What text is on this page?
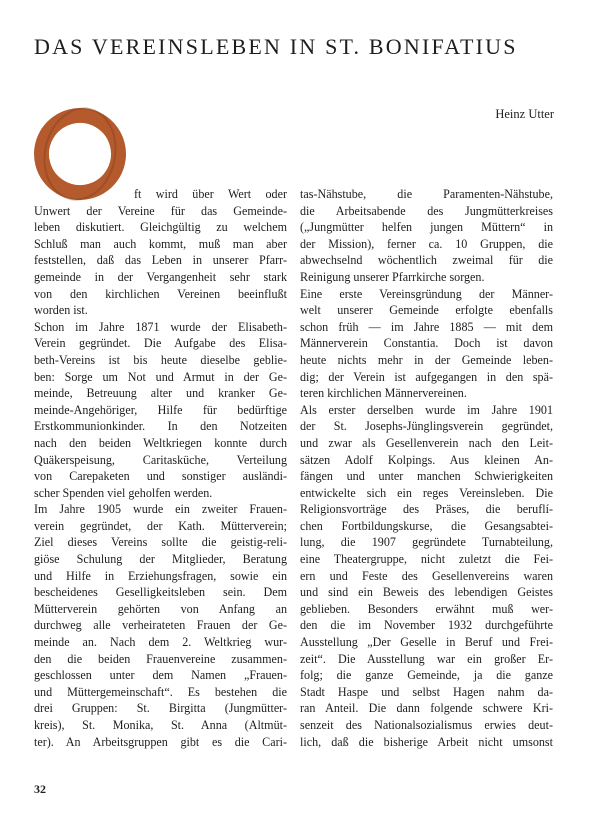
DAS VEREINSLEBEN IN ST. BONIFATIUS
Heinz Utter
ft wird über Wert oder
Unwert der Vereine für das Gemeinde-
leben diskutiert. Gleichgültig zu welchem
Schluß man auch kommt, muß man aber
feststellen, daß das Leben in unserer Pfarr-
gemeinde in der Vergangenheit sehr stark
von den kirchlichen Vereinen beeinflußt
worden ist.
Schon im Jahre 1871 wurde der Elisabeth-
Verein gegründet. Die Aufgabe des Elisa-
beth-Vereins ist bis heute dieselbe geblie-
ben: Sorge um Not und Armut in der Ge-
meinde, Betreuung alter und kranker Ge-
meinde-Angehöriger, Hilfe für bedürftige
Erstkommunionkinder. In den Notzeiten
nach den beiden Weltkriegen konnte durch
Quäkerspeisung, Caritasküche, Verteilung
von Carepaketen und sonstiger ausländi-
scher Spenden viel geholfen werden.
Im Jahre 1905 wurde ein zweiter Frauen-
verein gegründet, der Kath. Mütterverein;
Ziel dieses Vereins sollte die geistig-reli-
giöse Schulung der Mitglieder, Beratung
und Hilfe in Erziehungsfragen, sowie ein
bescheidenes Geselligkeitsleben sein. Dem
Mütterverein gehörten von Anfang an
durchweg alle verheirateten Frauen der Ge-
meinde an. Nach dem 2. Weltkrieg wur-
den die beiden Frauenvereine zusammen-
geschlossen unter dem Namen „Frauen-
und Müttergemeinschaft“. Es bestehen die
drei Gruppen: St. Birgitta (Jungmütter-
kreis), St. Monika, St. Anna (Altmüt-
ter). An Arbeitsgruppen gibt es die Cari-
tas-Nähstube, die Paramenten-Nähstube,
die Arbeitsabende des Jungmütterkreises
(„Jungmütter helfen jungen Müttern“ in
der Mission), ferner ca. 10 Gruppen, die
abwechselnd wöchentlich zweimal für die
Reinigung unserer Pfarrkirche sorgen.
Eine erste Vereinsgründung der Männer-
welt unserer Gemeinde erfolgte ebenfalls
schon früh — im Jahre 1885 — mit dem
Männerverein Constantia. Doch ist davon
heute nichts mehr in der Gemeinde leben-
dig; der Verein ist aufgegangen in den spä-
teren kirchlichen Männervereinen.
Als erster derselben wurde im Jahre 1901
der St. Josephs-Jünglingsverein gegründet,
und zwar als Gesellenverein nach den Leit-
sätzen Adolf Kolpings. Aus kleinen An-
fängen und unter manchen Schwierigkeiten
entwickelte sich ein reges Vereinsleben. Die
Religionsvorträge des Präses, die beruflí-
chen Fortbildungskurse, die Gesangsabtei-
lung, die 1907 gegründete Turnabteilung,
eine Theatergruppe, nicht zuletzt die Fei-
ern und Feste des Gesellenvereins waren
und sind ein Beweis des lebendigen Geistes
geblieben. Besonders erwähnt muß wer-
den die im November 1932 durchgeführte
Ausstellung „Der Geselle in Beruf und Frei-
zeit“. Die Ausstellung war ein großer Er-
folg; die ganze Gemeinde, ja die ganze
Stadt Haspe und selbst Hagen nahm da-
ran Anteil. Die dann folgende schwere Kri-
senzeit des Nationalsozialismus erwies deut-
lich, daß die bisherige Arbeit nicht umsonst
32
